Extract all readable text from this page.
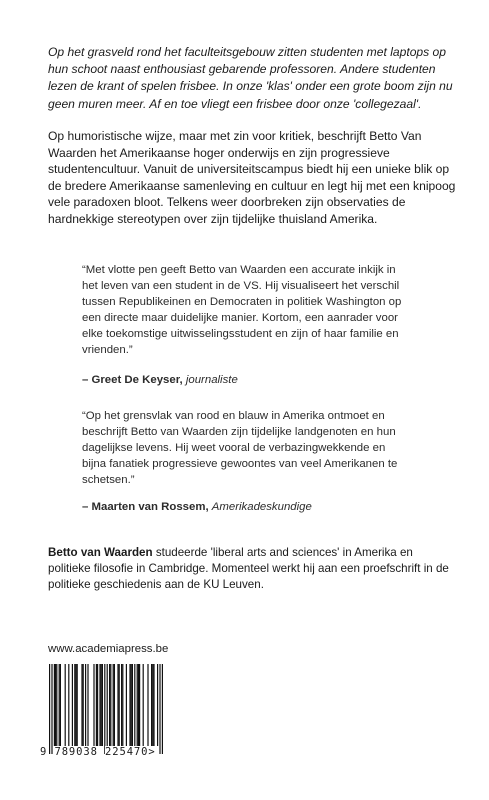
Op het grasveld rond het faculteitsgebouw zitten studenten met laptops op hun schoot naast enthousiast gebarende professoren. Andere studenten lezen de krant of spelen frisbee. In onze 'klas' onder een grote boom zijn nu geen muren meer. Af en toe vliegt een frisbee door onze 'collegezaal'.

Op humoristische wijze, maar met zin voor kritiek, beschrijft Betto Van Waarden het Amerikaanse hoger onderwijs en zijn progressieve studentencultuur. Vanuit de universiteitscampus biedt hij een unieke blik op de bredere Amerikaanse samenleving en cultuur en legt hij met een knipoog vele paradoxen bloot. Telkens weer doorbreken zijn observaties de hardnekkige stereotypen over zijn tijdelijke thuisland Amerika.

“Met vlotte pen geeft Betto van Waarden een accurate inkijk in het leven van een student in de VS. Hij visualiseert het verschil tussen Republikeinen en Democraten in politiek Washington op een directe maar duidelijke manier. Kortom, een aanrader voor elke toekomstige uitwisselingsstudent en zijn of haar familie en vrienden.”

– Greet De Keyser, journaliste

“Op het grensvlak van rood en blauw in Amerika ontmoet en beschrijft Betto van Waarden zijn tijdelijke landgenoten en hun dagelijkse levens. Hij weet vooral de verbazingwekkende en bijna fanatiek progressieve gewoontes van veel Amerikanen te schetsen.”

– Maarten van Rossem, Amerikadeskundige

Betto van Waarden studeerde 'liberal arts and sciences' in Amerika en politieke filosofie in Cambridge. Momenteel werkt hij aan een proefschrift in de politieke geschiedenis aan de KU Leuven.

www.academiapress.be
9 789038 225470>
